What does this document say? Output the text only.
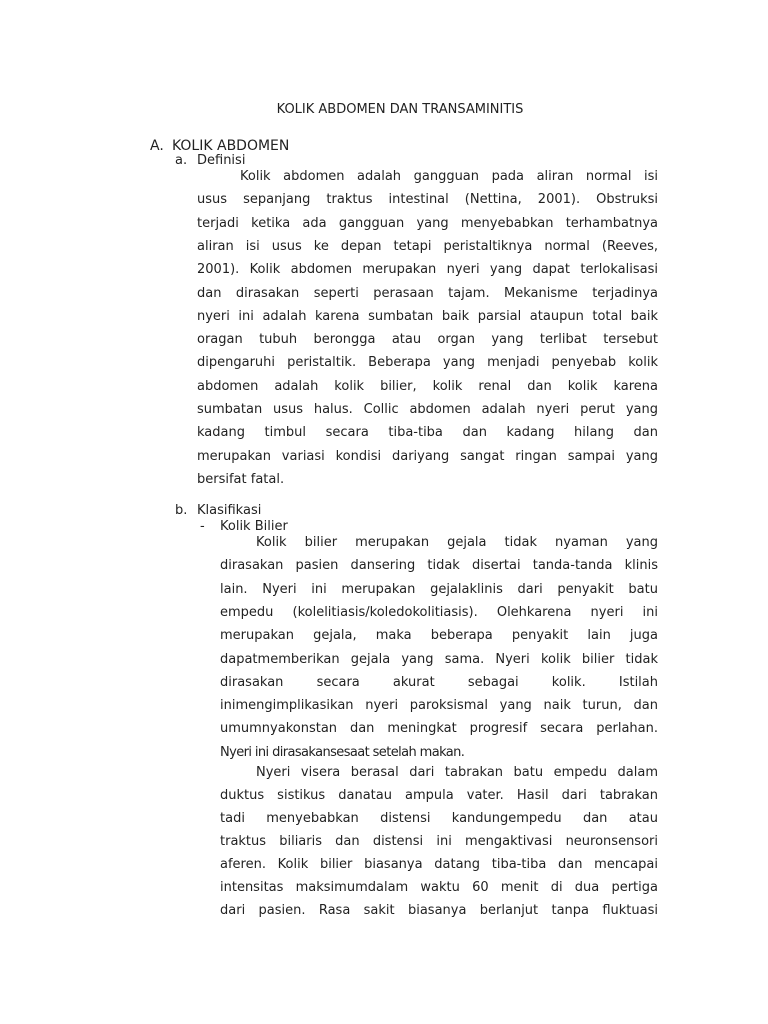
KOLIK ABDOMEN DAN TRANSAMINITIS
A. KOLIK ABDOMEN
a. Definisi
Kolik abdomen adalah gangguan pada aliran normal isi
usus sepanjang traktus intestinal (Nettina, 2001). Obstruksi
terjadi ketika ada gangguan yang menyebabkan terhambatnya
aliran isi usus ke depan tetapi peristaltiknya normal (Reeves,
2001). Kolik abdomen merupakan nyeri yang dapat terlokalisasi
dan dirasakan seperti perasaan tajam. Mekanisme terjadinya
nyeri ini adalah karena sumbatan baik parsial ataupun total baik
oragan tubuh berongga atau organ yang terlibat tersebut
dipengaruhi peristaltik. Beberapa yang menjadi penyebab kolik
abdomen adalah kolik bilier, kolik renal dan kolik karena
sumbatan usus halus. Collic abdomen adalah nyeri perut yang
kadang timbul secara tiba-tiba dan kadang hilang dan
merupakan variasi kondisi dariyang sangat ringan sampai yang
bersifat fatal.
b. Klasifikasi
- Kolik Bilier
Kolik bilier merupakan gejala tidak nyaman yang
dirasakan pasien dansering tidak disertai tanda-tanda klinis
lain. Nyeri ini merupakan gejalaklinis dari penyakit batu
empedu (kolelitiasis/koledokolitiasis). Olehkarena nyeri ini
merupakan gejala, maka beberapa penyakit lain juga
dapatmemberikan gejala yang sama. Nyeri kolik bilier tidak
dirasakan secara akurat sebagai kolik. Istilah
inimengimplikasikan nyeri paroksismal yang naik turun, dan
umumnyakonstan dan meningkat progresif secara perlahan.
Nyeri ini dirasakansesaat setelah makan.
Nyeri visera berasal dari tabrakan batu empedu dalam
duktus sistikus danatau ampula vater. Hasil dari tabrakan
tadi menyebabkan distensi kandungempedu dan atau
traktus biliaris dan distensi ini mengaktivasi neuronsensori
aferen. Kolik bilier biasanya datang tiba-tiba dan mencapai
intensitas maksimumdalam waktu 60 menit di dua pertiga
dari pasien. Rasa sakit biasanya berlanjut tanpa fluktuasi
